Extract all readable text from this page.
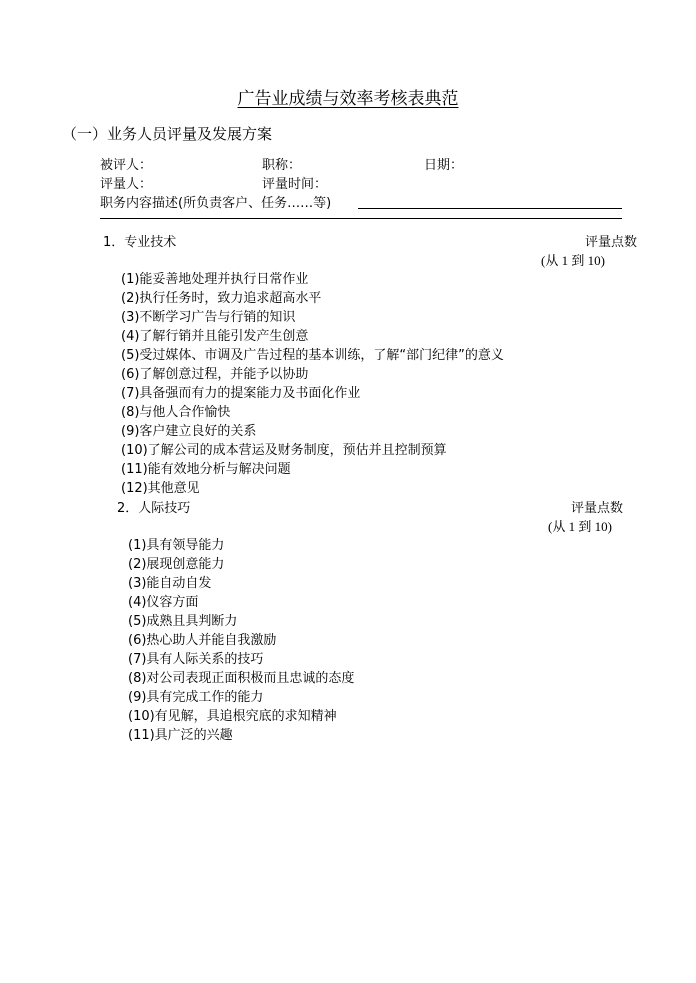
广告业成绩与效率考核表典范
（一）业务人员评量及发展方案
被评人：	职称：	日期：
评量人：	评量时间：
职务内容描述(所负责客户、任务……等)
1．专业技术	评量点数
(从 1 到 10)
(1)能妥善地处理并执行日常作业
(2)执行任务时，致力追求超高水平
(3)不断学习广告与行销的知识
(4)了解行销并且能引发产生创意
(5)受过媒体、市调及广告过程的基本训练，了解“部门纪律”的意义
(6)了解创意过程，并能予以协助
(7)具备强而有力的提案能力及书面化作业
(8)与他人合作愉快
(9)客户建立良好的关系
(10)了解公司的成本营运及财务制度，预估并且控制预算
(11)能有效地分析与解决问题
(12)其他意见
2．人际技巧	评量点数
(从 1 到 10)
(1)具有领导能力
(2)展现创意能力
(3)能自动自发
(4)仪容方面
(5)成熟且具判断力
(6)热心助人并能自我激励
(7)具有人际关系的技巧
(8)对公司表现正面积极而且忠诚的态度
(9)具有完成工作的能力
(10)有见解，具追根究底的求知精神
(11)具广泛的兴趣
